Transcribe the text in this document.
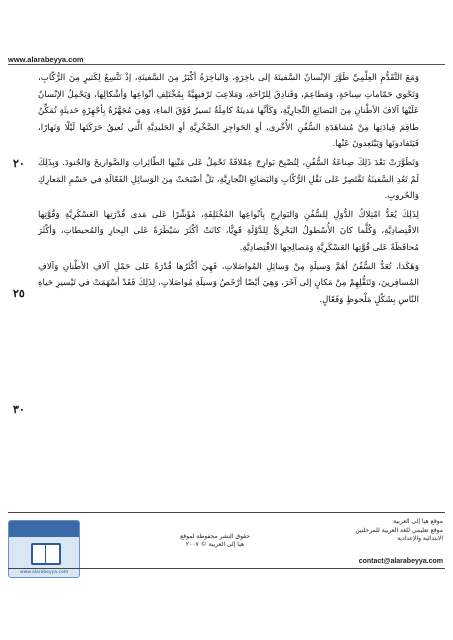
www.alarabeyya.com
٢٠
٢٥
٣٠

وَمَعَ التَّقَدُّمِ العِلْمِيِّ طَوَّرَ الإنْسانُ السَّفينَةَ إلى باخِرَةٍ، وَالباخِرَةُ أكْبَرُ مِنَ السَّفينَةِ، إذْ تَتَّسِعُ لِكَثيرٍ مِنَ الرُّكّابِ، وَتَحْوي حَمّاماتِ سِباحَةٍ، وَمَطاعِمَ، وَفَنادِقَ لِلرّاحَةِ، وَمَلاعِبَ تَرْفيهِيَّةً بِمُخْتَلِفِ أنْواعِها وَأشْكالِها، وَيَحْمِلُ الإنْسانُ عَلَيْها آلافَ الأطْنانِ مِنَ البَضائِعِ التِّجارِيَّةِ، وَكَأنَّها مَدينَةٌ كامِلَةٌ تَسيرُ فَوْقَ الماءِ، وَهِيَ مُجَهَّزَةٌ بِأجْهِزَةٍ حَديثَةٍ تُمَكِّنُ طاقِمَ قِيادَتِها مِنْ مُشاهَدَةِ السُّفُنِ الأُخْرى، أوِ الحَواجِزِ الصَّخْرِيَّةِ أوِ الجَليدِيَّةِ الَّتي تُعيقُ حَرَكَتَها لَيْلًا وَنَهارًا، فَيَتَفادونَها وَيَبْتَعِدونَ عَنْها.

وَتَطَوَّرَتْ بَعْدَ ذَلِكَ صِناعَةُ السُّفُنِ، لِتُصْبِحَ بَوارِجَ عِمْلاقَةً تَحْمِلُ عَلى مَتْنِها الطّائِراتِ وَالصَّواريخَ وَالجُنودَ. وَبِذَلِكَ لَمْ تَعُدِ السَّفينَةُ تَقْتَصِرُ عَلى نَقْلِ الرُّكّابِ وَالبَضائِعِ التِّجارِيَّةِ، بَلْ أصْبَحَتْ مِنَ الوَسائِلِ الفَعّالَةِ في حَسْمِ المَعارِكِ وَالحُروبِ.

لِذَلِكَ يُعَدُّ امْتِلاكُ الدُّوَلِ لِلسُّفُنِ وَالبَوارِجِ بِأنْواعِها المُخْتَلِفَةِ، مُؤَشِّرًا عَلى مَدى قُدْرَتِها العَسْكَرِيَّةِ وَقُوَّتِها الاقْتِصادِيَّةِ، وَكُلَّما كانَ الأُسْطولُ البَحْرِيُّ لِلدَّوْلَةِ قَوِيًّا، كانَتْ أكْثَرَ سَيْطَرَةً عَلى البِحارِ وَالمُحيطاتِ، وَأكْثَرَ مُحافَظَةً عَلى قُوَّتِها العَسْكَرِيَّةِ وَمَصالِحِها الاقْتِصادِيَّةِ.

وَهَكَذا، تُعَدُّ السُّفُنُ أهَمَّ وَسيلَةٍ مِنْ وَسائِلِ المُواصَلاتِ، فَهِيَ أكْثَرُها قُدْرَةً عَلى حَمْلِ آلافِ الأطْنانِ وَآلافِ المُسافِرينَ، وَتَنَقُّلِهِمْ مِنْ مَكانٍ إلى آخَرَ، وَهِيَ أيْضًا أرْخَصُ وَسيلَةِ مُواصَلاتٍ، لِذَلِكَ فَقَدْ أسْهَمَتْ في تَيْسيرِ حَياةِ النّاسِ بِشَكْلٍ مَلْحوظٍ وَفَعّالٍ.

www.alarabeyya.com
حقوق النشر محفوظة لموقع
هيا إلى العربية © ٢٠٠٧
موقع هيا إلى العربية
موقع تعليمي للغة العربية للمرحلتين
الابتدائية والإعدادية
contact@alarabeyya.com
